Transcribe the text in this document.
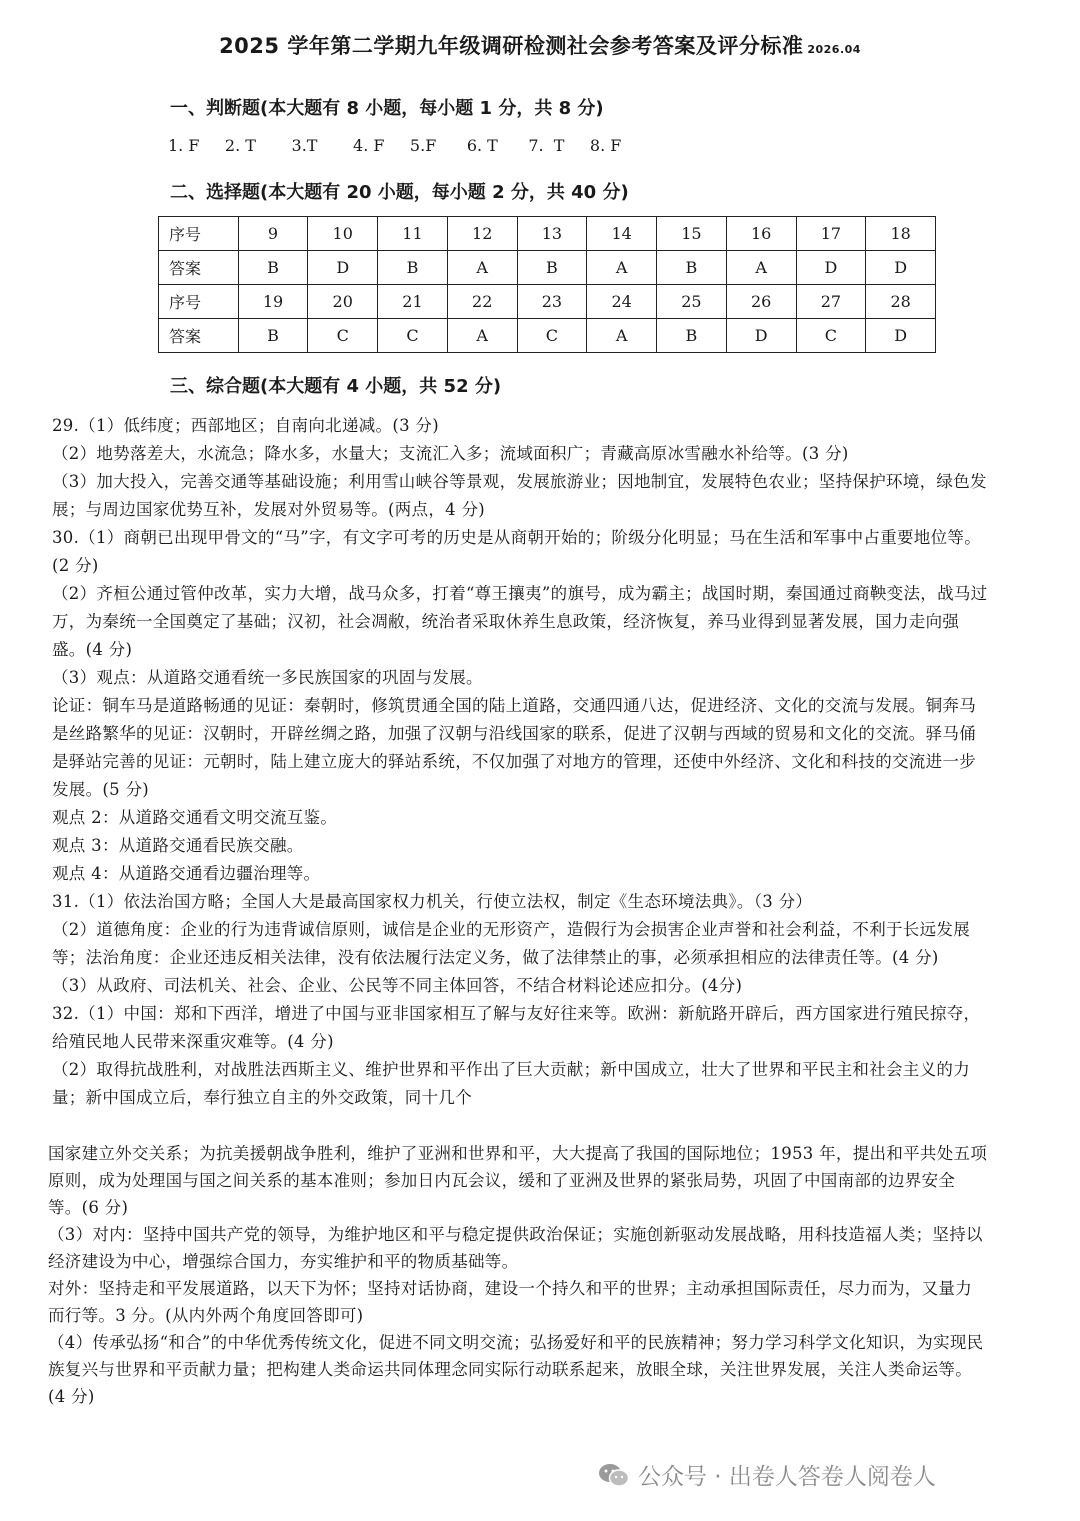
2025 学年第二学期九年级调研检测社会参考答案及评分标准 2026.04
一、判断题(本大题有 8 小题，每小题 1 分，共 8 分)
1. F     2. T       3.T       4. F     5.F      6. T      7.  T     8. F
二、选择题(本大题有 20 小题，每小题 2 分，共 40 分)
序号	9	10	11	12	13	14	15	16	17	18
答案	B	D	B	A	B	A	B	A	D	D
序号	19	20	21	22	23	24	25	26	27	28
答案	B	C	C	A	C	A	B	D	C	D
三、综合题(本大题有 4 小题，共 52 分)

29.（1）低纬度；西部地区；自南向北递减。(3 分)

（2）地势落差大，水流急；降水多，水量大；支流汇入多；流域面积广；青藏高原冰雪融水补给等。(3 分)

（3）加大投入，完善交通等基础设施；利用雪山峡谷等景观，发展旅游业；因地制宜，发展特色农业；坚持保护环境，绿色发展；与周边国家优势互补，发展对外贸易等。(两点，4 分)

30.（1）商朝已出现甲骨文的“马”字，有文字可考的历史是从商朝开始的；阶级分化明显；马在生活和军事中占重要地位等。(2 分)

（2）齐桓公通过管仲改革，实力大增，战马众多，打着“尊王攘夷”的旗号，成为霸主；战国时期，秦国通过商鞅变法，战马过万，为秦统一全国奠定了基础；汉初，社会凋敝，统治者采取休养生息政策，经济恢复，养马业得到显著发展，国力走向强盛。(4 分)

（3）观点：从道路交通看统一多民族国家的巩固与发展。

论证：铜车马是道路畅通的见证：秦朝时，修筑贯通全国的陆上道路，交通四通八达，促进经济、文化的交流与发展。铜奔马是丝路繁华的见证：汉朝时，开辟丝绸之路，加强了汉朝与沿线国家的联系，促进了汉朝与西域的贸易和文化的交流。驿马俑是驿站完善的见证：元朝时，陆上建立庞大的驿站系统，不仅加强了对地方的管理，还使中外经济、文化和科技的交流进一步发展。(5 分)

观点 2：从道路交通看文明交流互鉴。

观点 3：从道路交通看民族交融。

观点 4：从道路交通看边疆治理等。

31.（1）依法治国方略；全国人大是最高国家权力机关，行使立法权，制定《生态环境法典》。（3 分）

（2）道德角度：企业的行为违背诚信原则，诚信是企业的无形资产，造假行为会损害企业声誉和社会利益，不利于长远发展等；法治角度：企业还违反相关法律，没有依法履行法定义务，做了法律禁止的事，必须承担相应的法律责任等。(4 分)

（3）从政府、司法机关、社会、企业、公民等不同主体回答，不结合材料论述应扣分。(4分)

32.（1）中国：郑和下西洋，增进了中国与亚非国家相互了解与友好往来等。欧洲：新航路开辟后，西方国家进行殖民掠夺，给殖民地人民带来深重灾难等。(4 分)

（2）取得抗战胜利，对战胜法西斯主义、维护世界和平作出了巨大贡献；新中国成立，壮大了世界和平民主和社会主义的力量；新中国成立后，奉行独立自主的外交政策，同十几个

国家建立外交关系；为抗美援朝战争胜利，维护了亚洲和世界和平，大大提高了我国的国际地位；1953 年，提出和平共处五项原则，成为处理国与国之间关系的基本准则；参加日内瓦会议，缓和了亚洲及世界的紧张局势，巩固了中国南部的边界安全等。(6 分)

（3）对内：坚持中国共产党的领导，为维护地区和平与稳定提供政治保证；实施创新驱动发展战略，用科技造福人类；坚持以经济建设为中心，增强综合国力，夯实维护和平的物质基础等。

对外：坚持走和平发展道路，以天下为怀；坚持对话协商，建设一个持久和平的世界；主动承担国际责任，尽力而为，又量力而行等。3 分。(从内外两个角度回答即可)

（4）传承弘扬“和合”的中华优秀传统文化，促进不同文明交流；弘扬爱好和平的民族精神；努力学习科学文化知识，为实现民族复兴与世界和平贡献力量；把构建人类命运共同体理念同实际行动联系起来，放眼全球，关注世界发展，关注人类命运等。(4 分)

公众号 · 出卷人答卷人阅卷人
